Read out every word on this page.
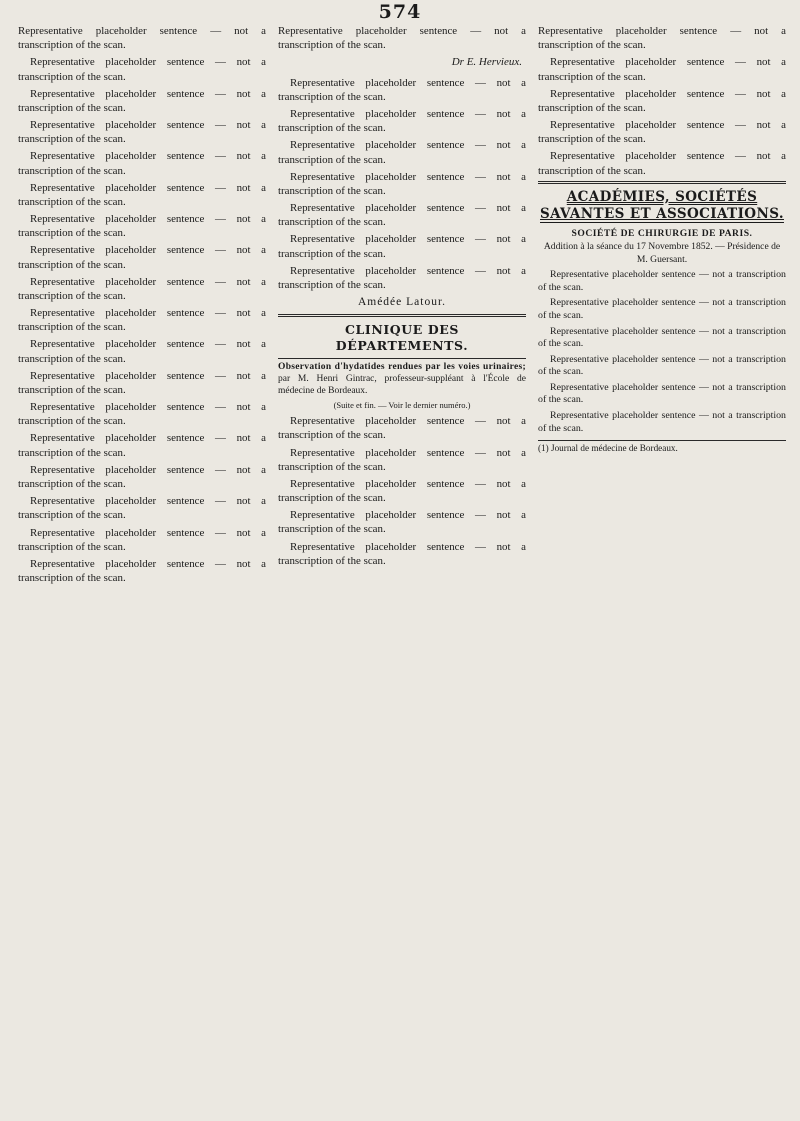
574

Representative placeholder sentence — not a transcription of the scan.

Representative placeholder sentence — not a transcription of the scan.

Representative placeholder sentence — not a transcription of the scan.

Representative placeholder sentence — not a transcription of the scan.

Representative placeholder sentence — not a transcription of the scan.

Representative placeholder sentence — not a transcription of the scan.

Representative placeholder sentence — not a transcription of the scan.

Representative placeholder sentence — not a transcription of the scan.

Representative placeholder sentence — not a transcription of the scan.

Representative placeholder sentence — not a transcription of the scan.

Representative placeholder sentence — not a transcription of the scan.

Representative placeholder sentence — not a transcription of the scan.

Representative placeholder sentence — not a transcription of the scan.

Representative placeholder sentence — not a transcription of the scan.

Representative placeholder sentence — not a transcription of the scan.

Representative placeholder sentence — not a transcription of the scan.

Representative placeholder sentence — not a transcription of the scan.

Representative placeholder sentence — not a transcription of the scan.

Representative placeholder sentence — not a transcription of the scan.

Dr E. Hervieux.

Representative placeholder sentence — not a transcription of the scan.

Representative placeholder sentence — not a transcription of the scan.

Representative placeholder sentence — not a transcription of the scan.

Representative placeholder sentence — not a transcription of the scan.

Representative placeholder sentence — not a transcription of the scan.

Representative placeholder sentence — not a transcription of the scan.

Representative placeholder sentence — not a transcription of the scan.

Amédée Latour.
CLINIQUE DES DÉPARTEMENTS.
Observation d'hydatides rendues par les voies urinaires; par M. Henri Gintrac, professeur-suppléant à l'École de médecine de Bordeaux.
(Suite et fin. — Voir le dernier numéro.)

Representative placeholder sentence — not a transcription of the scan.

Representative placeholder sentence — not a transcription of the scan.

Representative placeholder sentence — not a transcription of the scan.

Representative placeholder sentence — not a transcription of the scan.

Representative placeholder sentence — not a transcription of the scan.

Representative placeholder sentence — not a transcription of the scan.

Representative placeholder sentence — not a transcription of the scan.

Representative placeholder sentence — not a transcription of the scan.

Representative placeholder sentence — not a transcription of the scan.

Representative placeholder sentence — not a transcription of the scan.

ACADÉMIES, SOCIÉTÉS SAVANTES ET ASSOCIATIONS.
SOCIÉTÉ DE CHIRURGIE DE PARIS.
Addition à la séance du 17 Novembre 1852. — Présidence de M. Guersant.

Representative placeholder sentence — not a transcription of the scan.

Representative placeholder sentence — not a transcription of the scan.

Representative placeholder sentence — not a transcription of the scan.

Representative placeholder sentence — not a transcription of the scan.

Representative placeholder sentence — not a transcription of the scan.

Representative placeholder sentence — not a transcription of the scan.

(1) Journal de médecine de Bordeaux.
